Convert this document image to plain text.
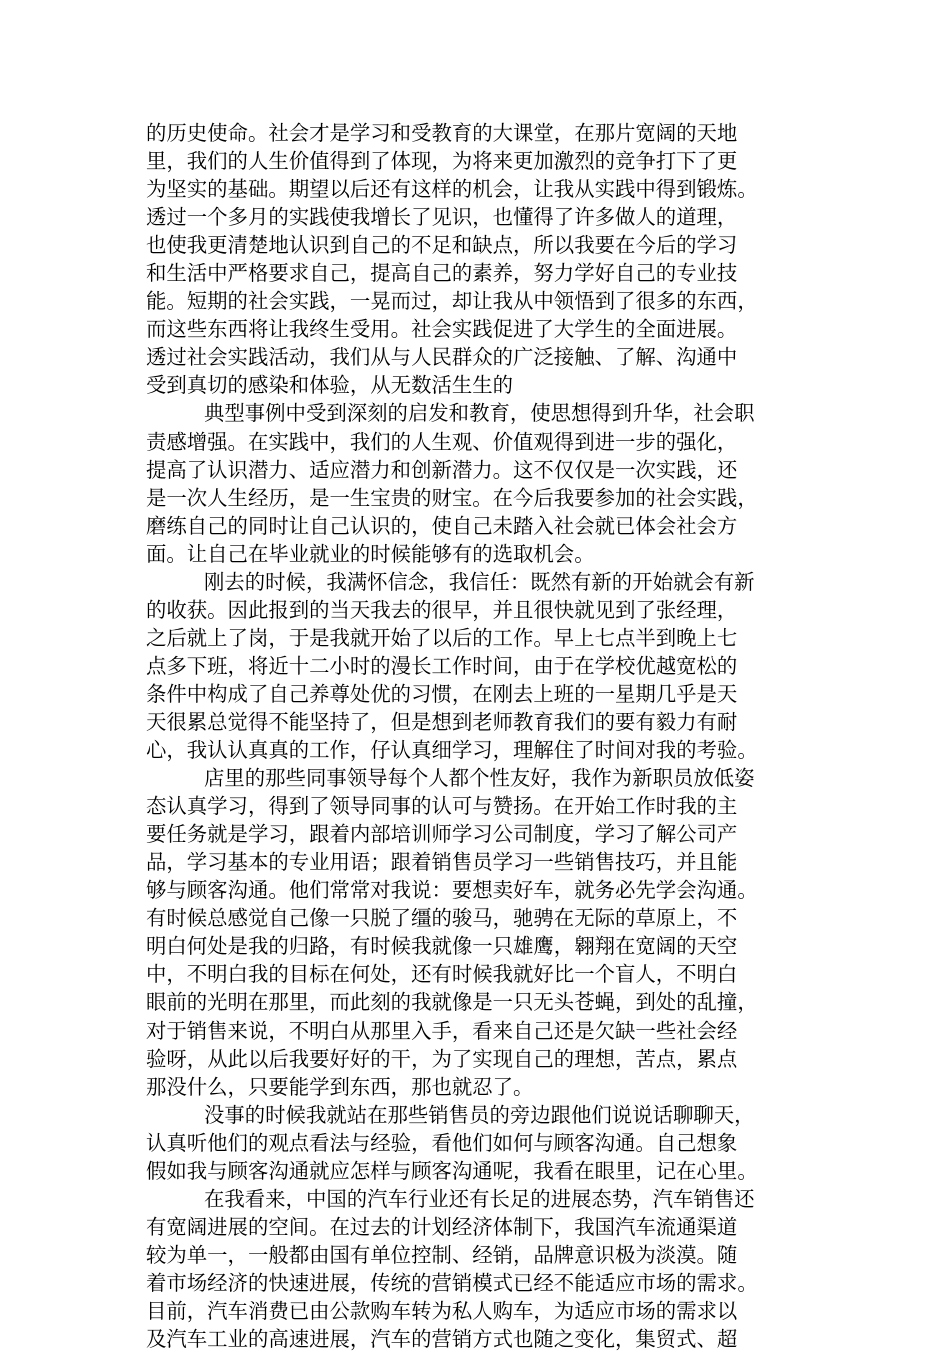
的历史使命。社会才是学习和受教育的大课堂，在那片宽阔的天地
里，我们的人生价值得到了体现，为将来更加激烈的竞争打下了更
为坚实的基础。期望以后还有这样的机会，让我从实践中得到锻炼。
透过一个多月的实践使我增长了见识，也懂得了许多做人的道理，
也使我更清楚地认识到自己的不足和缺点，所以我要在今后的学习
和生活中严格要求自己，提高自己的素养，努力学好自己的专业技
能。短期的社会实践，一晃而过，却让我从中领悟到了很多的东西，
而这些东西将让我终生受用。社会实践促进了大学生的全面进展。
透过社会实践活动，我们从与人民群众的广泛接触、了解、沟通中
受到真切的感染和体验，从无数活生生的
典型事例中受到深刻的启发和教育，使思想得到升华，社会职
责感增强。在实践中，我们的人生观、价值观得到进一步的强化，
提高了认识潜力、适应潜力和创新潜力。这不仅仅是一次实践，还
是一次人生经历，是一生宝贵的财宝。在今后我要参加的社会实践，
磨练自己的同时让自己认识的，使自己未踏入社会就已体会社会方
面。让自己在毕业就业的时候能够有的选取机会。
刚去的时候，我满怀信念，我信任：既然有新的开始就会有新
的收获。因此报到的当天我去的很早，并且很快就见到了张经理，
之后就上了岗，于是我就开始了以后的工作。早上七点半到晚上七
点多下班，将近十二小时的漫长工作时间，由于在学校优越宽松的
条件中构成了自己养尊处优的习惯，在刚去上班的一星期几乎是天
天很累总觉得不能坚持了，但是想到老师教育我们的要有毅力有耐
心，我认认真真的工作，仔认真细学习，理解住了时间对我的考验。
店里的那些同事领导每个人都个性友好，我作为新职员放低姿
态认真学习，得到了领导同事的认可与赞扬。在开始工作时我的主
要任务就是学习，跟着内部培训师学习公司制度，学习了解公司产
品，学习基本的专业用语；跟着销售员学习一些销售技巧，并且能
够与顾客沟通。他们常常对我说：要想卖好车，就务必先学会沟通。
有时候总感觉自己像一只脱了缰的骏马，驰骋在无际的草原上，不
明白何处是我的归路，有时候我就像一只雄鹰，翱翔在宽阔的天空
中，不明白我的目标在何处，还有时候我就好比一个盲人，不明白
眼前的光明在那里，而此刻的我就像是一只无头苍蝇，到处的乱撞，
对于销售来说，不明白从那里入手，看来自己还是欠缺一些社会经
验呀，从此以后我要好好的干，为了实现自己的理想，苦点，累点
那没什么，只要能学到东西，那也就忍了。
没事的时候我就站在那些销售员的旁边跟他们说说话聊聊天，
认真听他们的观点看法与经验，看他们如何与顾客沟通。自己想象
假如我与顾客沟通就应怎样与顾客沟通呢，我看在眼里，记在心里。
在我看来，中国的汽车行业还有长足的进展态势，汽车销售还
有宽阔进展的空间。在过去的计划经济体制下，我国汽车流通渠道
较为单一，一般都由国有单位控制、经销，品牌意识极为淡漠。随
着市场经济的快速进展，传统的营销模式已经不能适应市场的需求。
目前，汽车消费已由公款购车转为私人购车，为适应市场的需求以
及汽车工业的高速进展，汽车的营销方式也随之变化，集贸式、超
